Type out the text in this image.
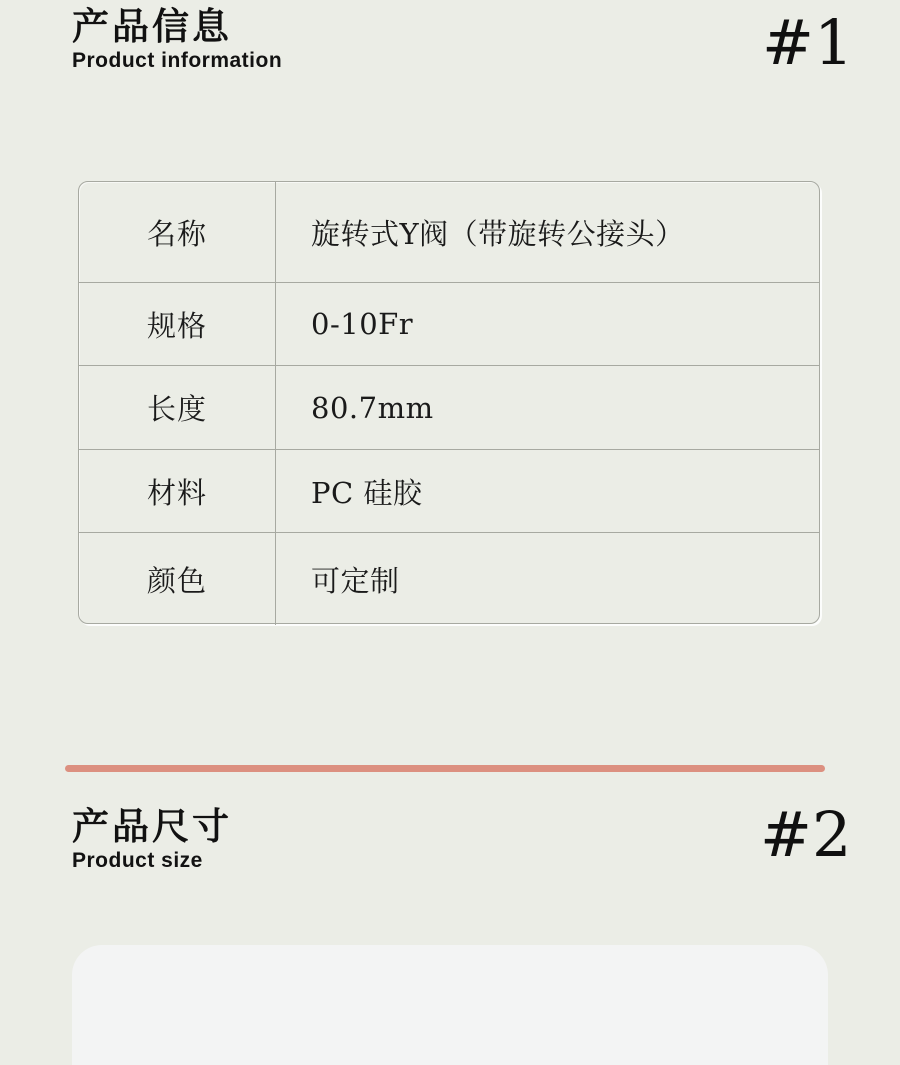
产品信息
Product information	#1
名称	旋转式Y阀（带旋转公接头）
规格	0-10Fr
长度	80.7mm
材料	PC 硅胶
颜色	可定制
产品尺寸
Product size	#2
